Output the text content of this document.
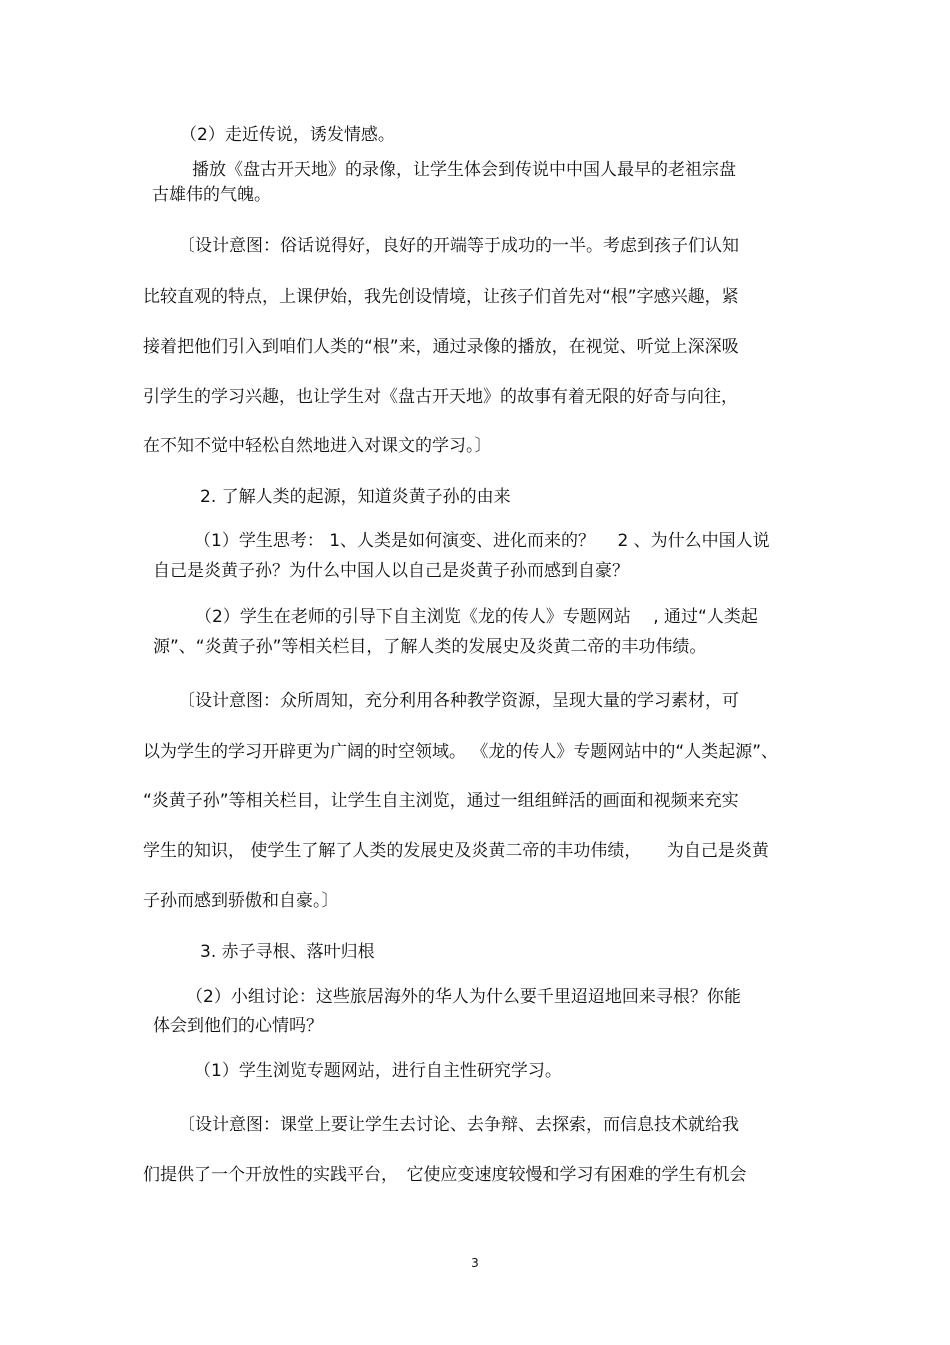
（2）走近传说，诱发情感。
播放《盘古开天地》的录像，让学生体会到传说中中国人最早的老祖宗盘
古雄伟的气魄。
〔设计意图：俗话说得好，良好的开端等于成功的一半。考虑到孩子们认知
比较直观的特点，上课伊始，我先创设情境，让孩子们首先对“根”字感兴趣，紧
接着把他们引入到咱们人类的“根”来，通过录像的播放，在视觉、听觉上深深吸
引学生的学习兴趣，也让学生对《盘古开天地》的故事有着无限的好奇与向往，
在不知不觉中轻松自然地进入对课文的学习。〕
2. 了解人类的起源，知道炎黄子孙的由来
（1）学生思考： 1、人类是如何演变、进化而来的？　 2 、为什么中国人说
自己是炎黄子孙？为什么中国人以自己是炎黄子孙而感到自豪？
（2）学生在老师的引导下自主浏览《龙的传人》专题网站　 , 通过“人类起
源”、“炎黄子孙”等相关栏目，了解人类的发展史及炎黄二帝的丰功伟绩。
〔设计意图：众所周知，充分利用各种教学资源，呈现大量的学习素材，可
以为学生的学习开辟更为广阔的时空领域。 《龙的传人》专题网站中的“人类起源”、
“炎黄子孙”等相关栏目，让学生自主浏览，通过一组组鲜活的画面和视频来充实
学生的知识， 使学生了解了人类的发展史及炎黄二帝的丰功伟绩，　　为自己是炎黄
子孙而感到骄傲和自豪。〕
3. 赤子寻根、落叶归根
（2）小组讨论：这些旅居海外的华人为什么要千里迢迢地回来寻根？你能
体会到他们的心情吗？
（1）学生浏览专题网站，进行自主性研究学习。
〔设计意图：课堂上要让学生去讨论、去争辩、去探索，而信息技术就给我
们提供了一个开放性的实践平台，　它使应变速度较慢和学习有困难的学生有机会
3
